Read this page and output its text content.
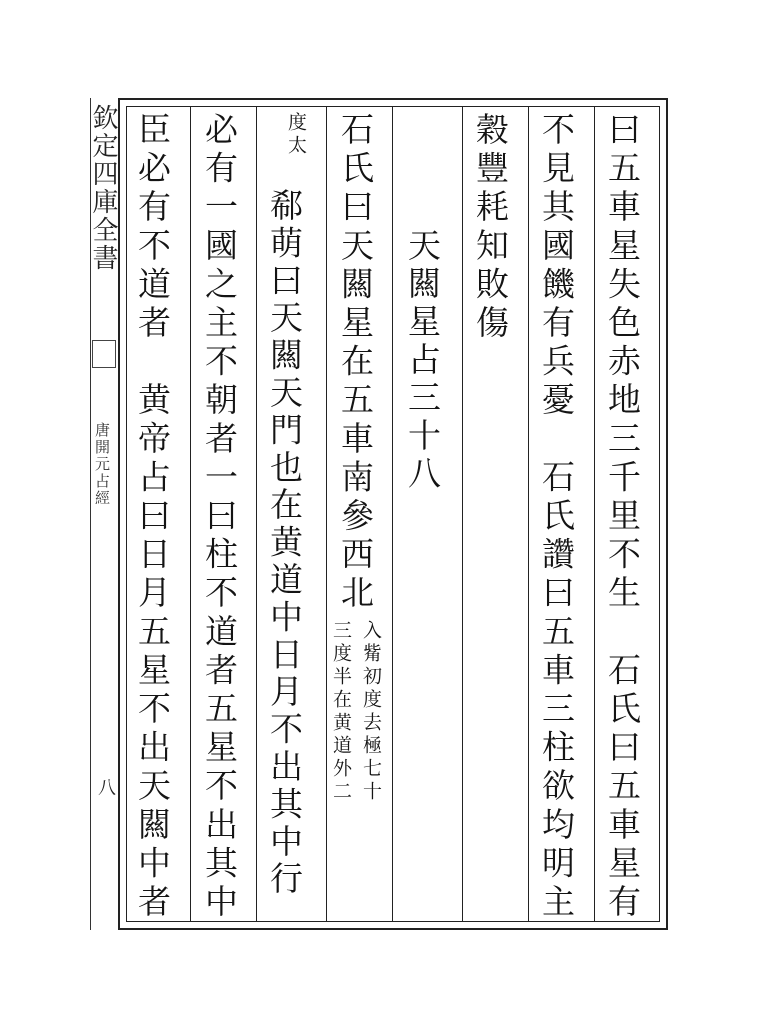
欽定四庫全書
唐開元占經
八	曰五車星失色赤地三千里不生　石氏曰五車星有
不見其國饑有兵憂　石氏讚曰五車三柱欲均明主
穀豐耗知敗傷
天闗星占三十八
石氏曰天闗星在五車南參西北
入觜初度去極七十
三度半在黄道外二
度太
郗萌曰天闗天門也在黄道中日月不出其中行
必有一國之主不朝者一曰柱不道者五星不出其中
臣必有不道者　黄帝占曰日月五星不出天闗中者
